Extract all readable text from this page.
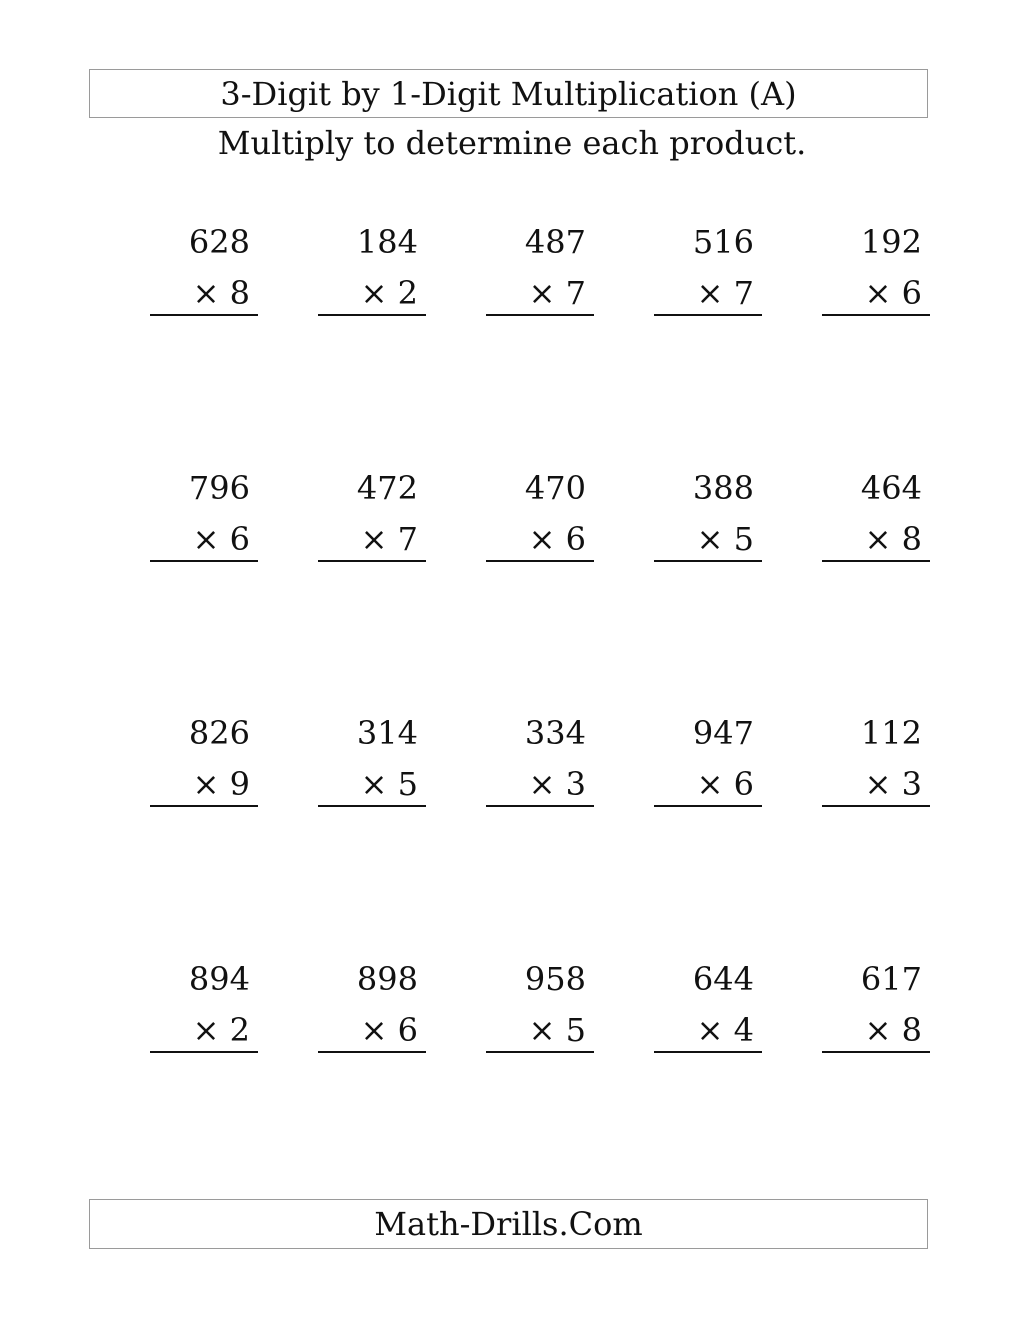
3-Digit by 1-Digit Multiplication (A)
Multiply to determine each product.
628
× 8
184
× 2
487
× 7
516
× 7
192
× 6
796
× 6
472
× 7
470
× 6
388
× 5
464
× 8
826
× 9
314
× 5
334
× 3
947
× 6
112
× 3
894
× 2
898
× 6
958
× 5
644
× 4
617
× 8
Math-Drills.Com
